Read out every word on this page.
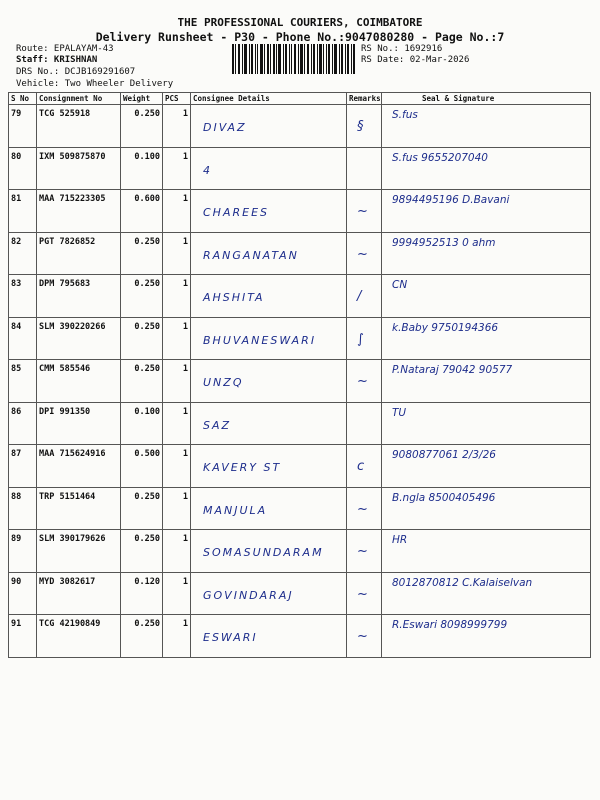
THE PROFESSIONAL COURIERS, COIMBATORE
Delivery Runsheet - P30 - Phone No.:9047080280 - Page No.:7
Route: EPALAYAM-43
Staff: KRISHNAN
DRS No.: DCJB169291607
Vehicle: Two Wheeler Delivery
RS No.: 1692916
RS Date: 02-Mar-2026
S No	Consignment No	Weight	PCS	Consignee Details	Remarks	Seal & Signature
79	TCG 525918	0.250	1	DIVAZ	§	S.fus

80	IXM 509875870	0.100	1	4		S.fus 9655207040

81	MAA 715223305	0.600	1	CHAREES	~	9894495196 D.Bavani

82	PGT 7826852	0.250	1	RANGANATAN	~	9994952513 0 ahm

83	DPM 795683	0.250	1	AHSHITA	/	CN

84	SLM 390220266	0.250	1	BHUVANESWARI	∫	k.Baby 9750194366

85	CMM 585546	0.250	1	UNZQ	~	P.Nataraj 79042 90577

86	DPI 991350	0.100	1	SAZ		TU

87	MAA 715624916	0.500	1	KAVERY ST	c	9080877061 2/3/26

88	TRP 5151464	0.250	1	MANJULA	~	B.ngla 8500405496

89	SLM 390179626	0.250	1	SOMASUNDARAM	~	HR

90	MYD 3082617	0.120	1	GOVINDARAJ	~	8012870812 C.Kalaiselvan

91	TCG 42190849	0.250	1	ESWARI	~	R.Eswari 8098999799
